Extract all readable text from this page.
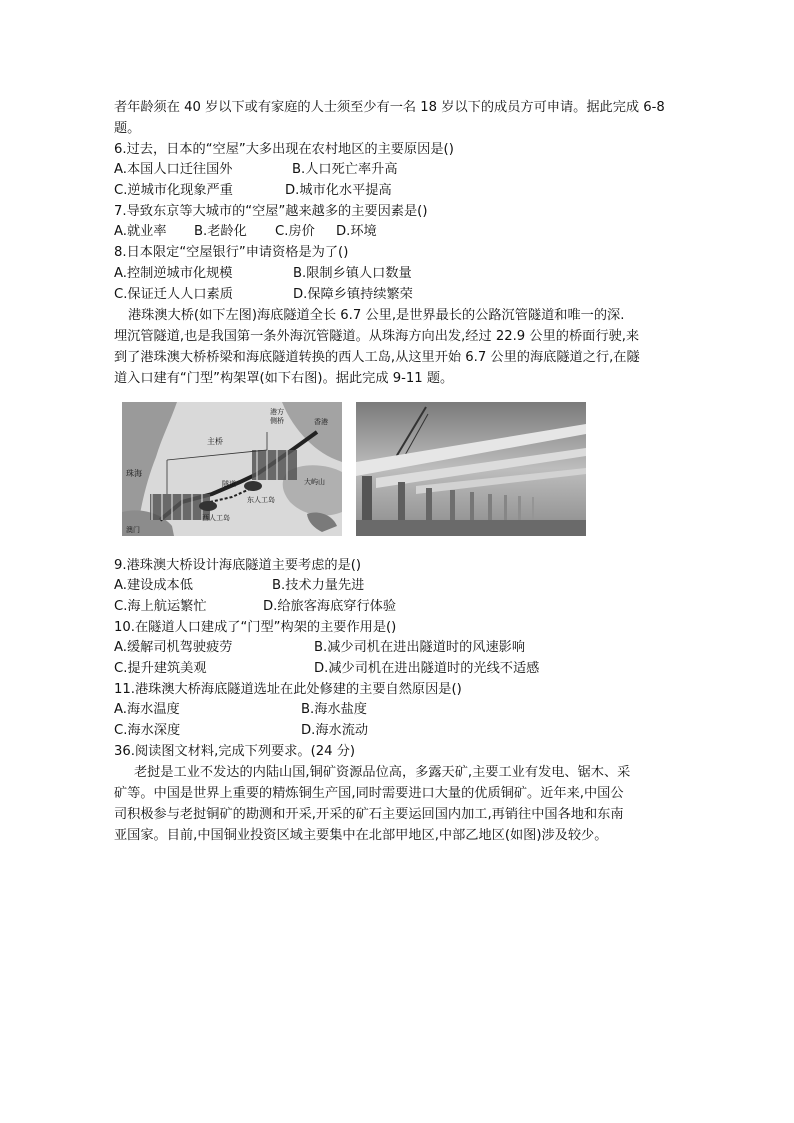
者年龄须在 40 岁以下或有家庭的人士须至少有一名 18 岁以下的成员方可申请。据此完成 6-8
题。
6.过去，日本的“空屋”大多出现在农村地区的主要原因是()
A.本国人口迁往国外	B.人口死亡率升高
C.逆城市化现象严重	D.城市化水平提高
7.导致东京等大城市的“空屋”越来越多的主要因素是()
A.就业率 B.老龄化 C.房价 D.环境
8.日本限定“空屋银行”申请资格是为了()
A.控制逆城市化规模	B.限制乡镇人口数量
C.保证迁人人口素质	D.保障乡镇持续繁荣
港珠澳大桥(如下左图)海底隧道全长 6.7 公里,是世界最长的公路沉管隧道和唯一的深.
埋沉管隧道,也是我国第一条外海沉管隧道。从珠海方向出发,经过 22.9 公里的桥面行驶,来
到了港珠澳大桥桥梁和海底隧道转换的西人工岛,从这里开始 6.7 公里的海底隧道之行,在隧
道入口建有“门型”构架罩(如下右图)。据此完成 9-11 题。
主桥
港方
侧桥	香港
珠海
隧道	大屿山
东人工岛
西人工岛
澳门
9.港珠澳大桥设计海底隧道主要考虑的是()
A.建设成本低	B.技术力量先进
C.海上航运繁忙	D.给旅客海底穿行体验
10.在隧道人口建成了“门型”构架的主要作用是()
A.缓解司机驾驶疲劳	B.减少司机在进出隧道时的风速影响
C.提升建筑美观	D.减少司机在进出隧道时的光线不适感
11.港珠澳大桥海底隧道选址在此处修建的主要自然原因是()
A.海水温度	B.海水盐度
C.海水深度	D.海水流动
36.阅读图文材料,完成下列要求。(24 分)
老挝是工业不发达的内陆山国,铜矿资源品位高，多露天矿,主要工业有发电、锯木、采
矿等。中国是世界上重要的精炼铜生产国,同时需要进口大量的优质铜矿。近年来,中国公
司积极参与老挝铜矿的勘测和开采,开采的矿石主要运回国内加工,再销往中国各地和东南
亚国家。目前,中国铜业投资区域主要集中在北部甲地区,中部乙地区(如图)涉及较少。
